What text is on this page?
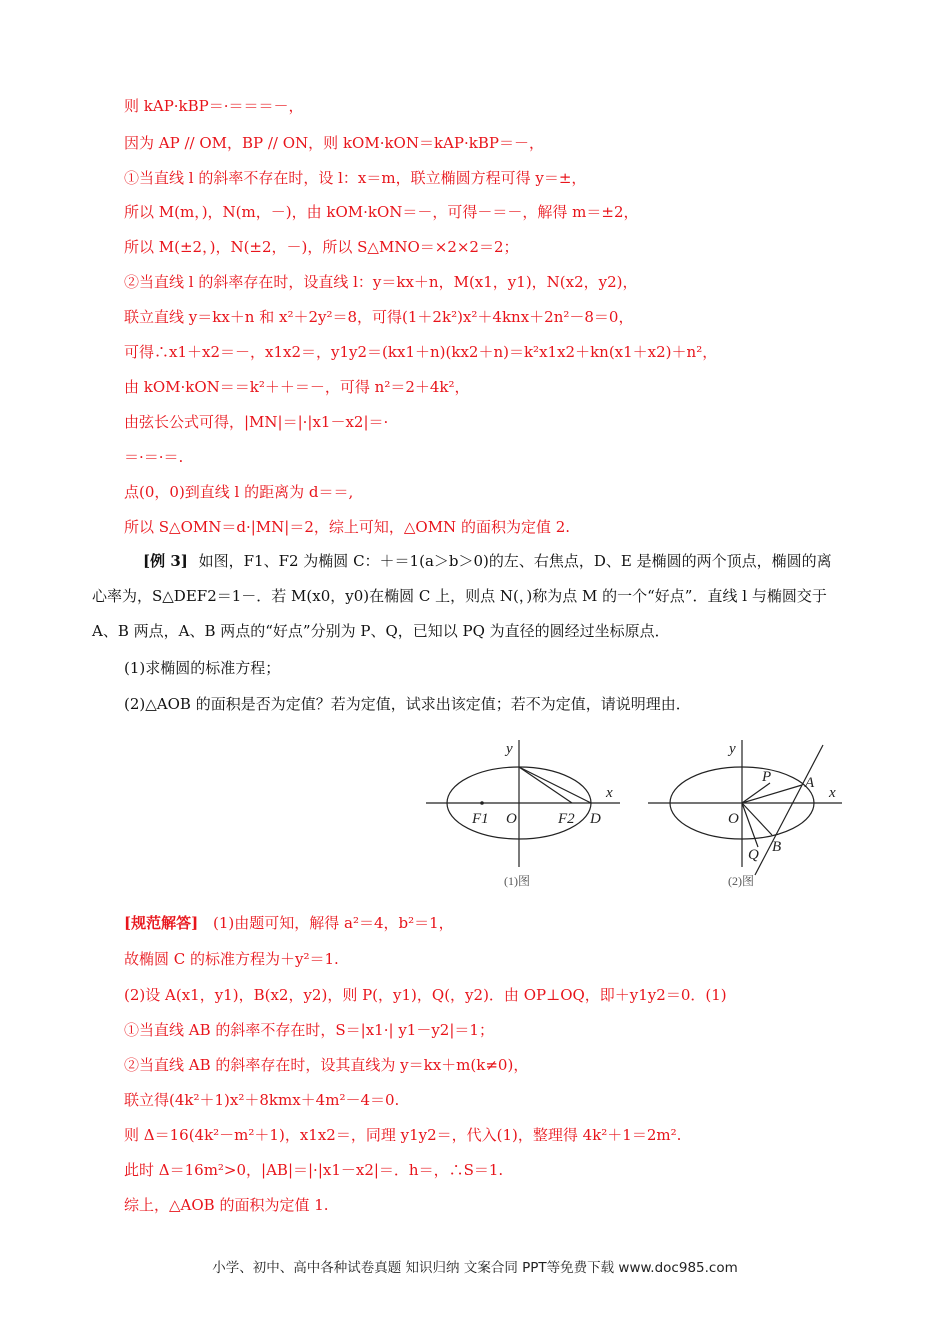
则 kAP·kBP＝·＝＝＝－，
因为 AP // OM，BP // ON，则 kOM·kON＝kAP·kBP＝－，
①当直线 l 的斜率不存在时，设 l：x＝m，联立椭圆方程可得 y＝±，
所以 M(m，)，N(m，－)，由 kOM·kON＝－，可得－＝－，解得 m＝±2，
所以 M(±2，)，N(±2，－)，所以 S△MNO＝×2×2＝2；
②当直线 l 的斜率存在时，设直线 l：y＝kx＋n，M(x1，y1)，N(x2，y2)，
联立直线 y＝kx＋n 和 x²＋2y²＝8，可得(1＋2k²)x²＋4knx＋2n²－8＝0，
可得∴x1＋x2＝－，x1x2＝，y1y2＝(kx1＋n)(kx2＋n)＝k²x1x2＋kn(x1＋x2)＋n²，
由 kOM·kON＝＝k²＋＋＝－，可得 n²＝2＋4k²，
由弦长公式可得，|MN|＝|·|x1－x2|＝·
＝·＝·＝.
点(0，0)到直线 l 的距离为 d＝＝,
所以 S△OMN＝d·|MN|＝2，综上可知，△OMN 的面积为定值 2.
[例 3] 如图，F1、F2 为椭圆 C：＋＝1(a＞b＞0)的左、右焦点，D、E 是椭圆的两个顶点，椭圆的离
心率为，S△DEF2＝1－．若 M(x0，y0)在椭圆 C 上，则点 N(，)称为点 M 的一个“好点”．直线 l 与椭圆交于
A、B 两点，A、B 两点的“好点”分别为 P、Q，已知以 PQ 为直径的圆经过坐标原点．
(1)求椭圆的标准方程；
(2)△AOB 的面积是否为定值？若为定值，试求出该定值；若不为定值，请说明理由．
y
x
F1 O	F2 D
(1)图
y
x
P A
O
Q B
(2)图
[规范解答] (1)由题可知，解得 a²＝4，b²＝1，
故椭圆 C 的标准方程为＋y²＝1.
(2)设 A(x1，y1)，B(x2，y2)，则 P(，y1)，Q(，y2)．由 OP⊥OQ，即＋y1y2＝0．(1)
①当直线 AB 的斜率不存在时，S＝|x1·| y1－y2|＝1；
②当直线 AB 的斜率存在时，设其直线为 y＝kx＋m(k≠0)，
联立得(4k²＋1)x²＋8kmx＋4m²－4＝0.
则 Δ＝16(4k²－m²＋1)，x1x2＝，同理 y1y2＝，代入(1)，整理得 4k²＋1＝2m².
此时 Δ＝16m²>0，|AB|＝|·|x1－x2|＝．h＝，∴S＝1.
综上，△AOB 的面积为定值 1.
小学、初中、高中各种试卷真题 知识归纳 文案合同 PPT等免费下载 www.doc985.com
